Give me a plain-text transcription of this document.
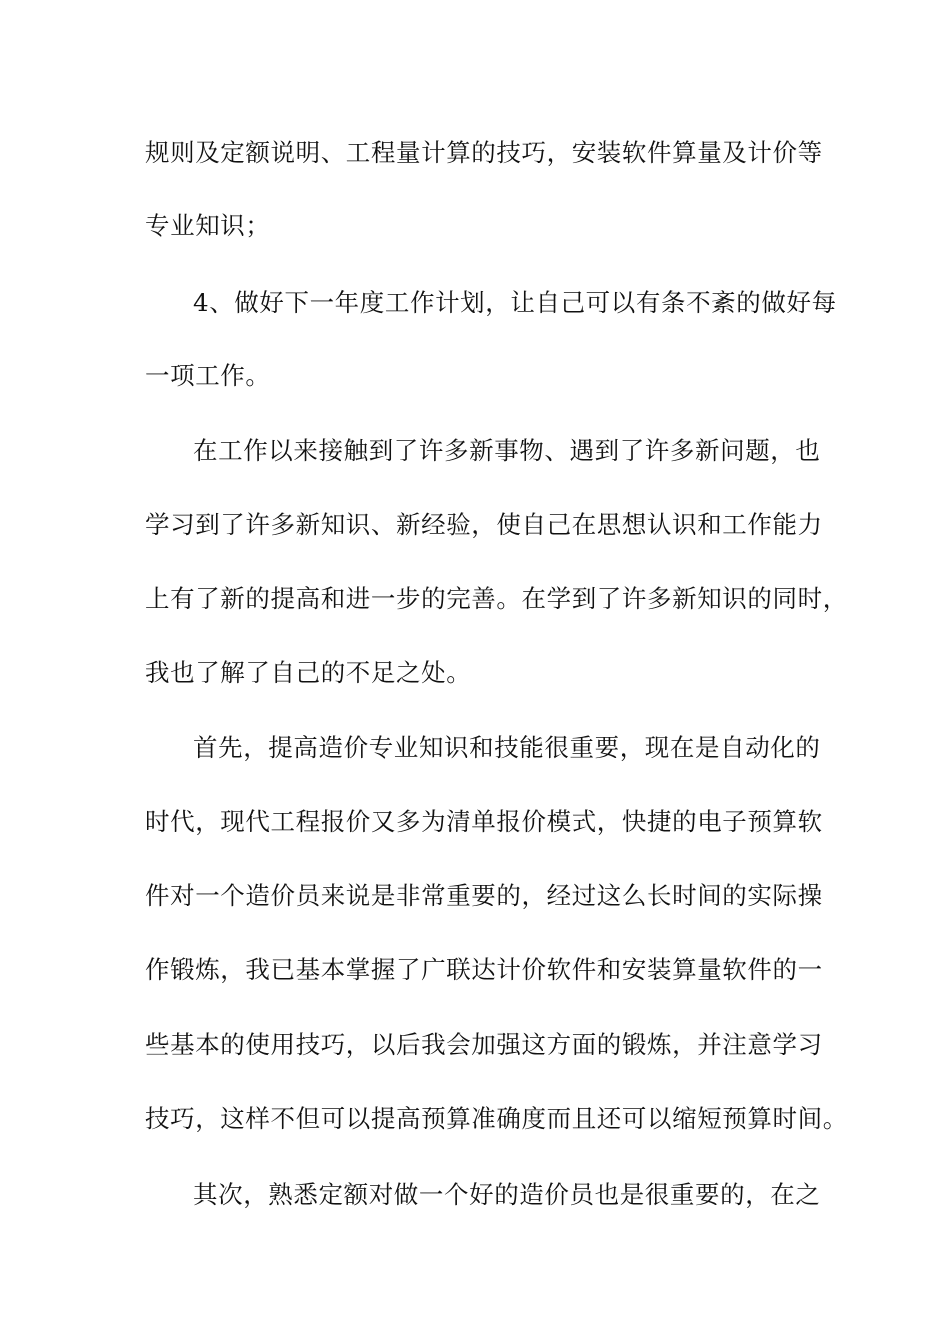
规则及定额说明、工程量计算的技巧，安装软件算量及计价等
专业知识；
4、做好下一年度工作计划，让自己可以有条不紊的做好每
一项工作。
在工作以来接触到了许多新事物、遇到了许多新问题，也
学习到了许多新知识、新经验，使自己在思想认识和工作能力
上有了新的提高和进一步的完善。在学到了许多新知识的同时，
我也了解了自己的不足之处。
首先，提高造价专业知识和技能很重要，现在是自动化的
时代，现代工程报价又多为清单报价模式，快捷的电子预算软
件对一个造价员来说是非常重要的，经过这么长时间的实际操
作锻炼，我已基本掌握了广联达计价软件和安装算量软件的一
些基本的使用技巧，以后我会加强这方面的锻炼，并注意学习
技巧，这样不但可以提高预算准确度而且还可以缩短预算时间。
其次，熟悉定额对做一个好的造价员也是很重要的，在之
